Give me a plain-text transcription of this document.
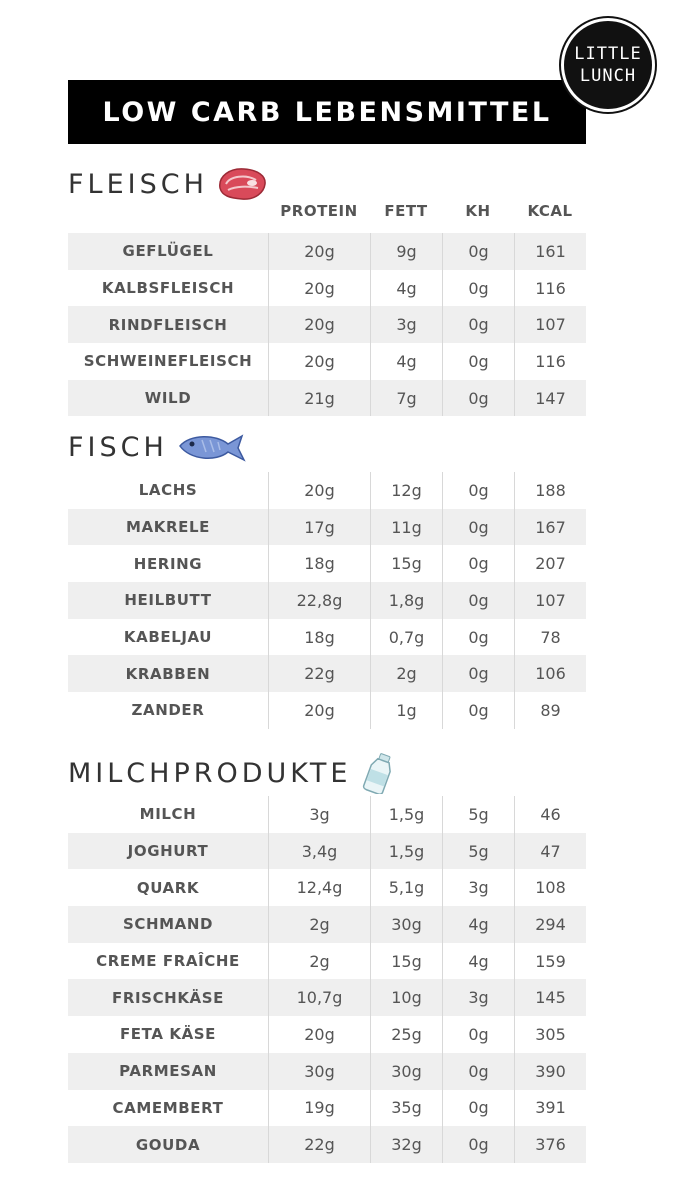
LITTLE
LUNCH
LOW CARB LEBENSMITTEL
FLEISCH
PROTEIN	FETT	KH	KCAL
GEFLÜGEL	20g	9g	0g	161
KALBSFLEISCH	20g	4g	0g	116
RINDFLEISCH	20g	3g	0g	107
SCHWEINEFLEISCH	20g	4g	0g	116
WILD	21g	7g	0g	147
FISCH
LACHS	20g	12g	0g	188
MAKRELE	17g	11g	0g	167
HERING	18g	15g	0g	207
HEILBUTT	22,8g	1,8g	0g	107
KABELJAU	18g	0,7g	0g	78
KRABBEN	22g	2g	0g	106
ZANDER	20g	1g	0g	89
MILCHPRODUKTE
MILCH	3g	1,5g	5g	46
JOGHURT	3,4g	1,5g	5g	47
QUARK	12,4g	5,1g	3g	108
SCHMAND	2g	30g	4g	294
CREME FRAÎCHE	2g	15g	4g	159
FRISCHKÄSE	10,7g	10g	3g	145
FETA KÄSE	20g	25g	0g	305
PARMESAN	30g	30g	0g	390
CAMEMBERT	19g	35g	0g	391
GOUDA	22g	32g	0g	376
